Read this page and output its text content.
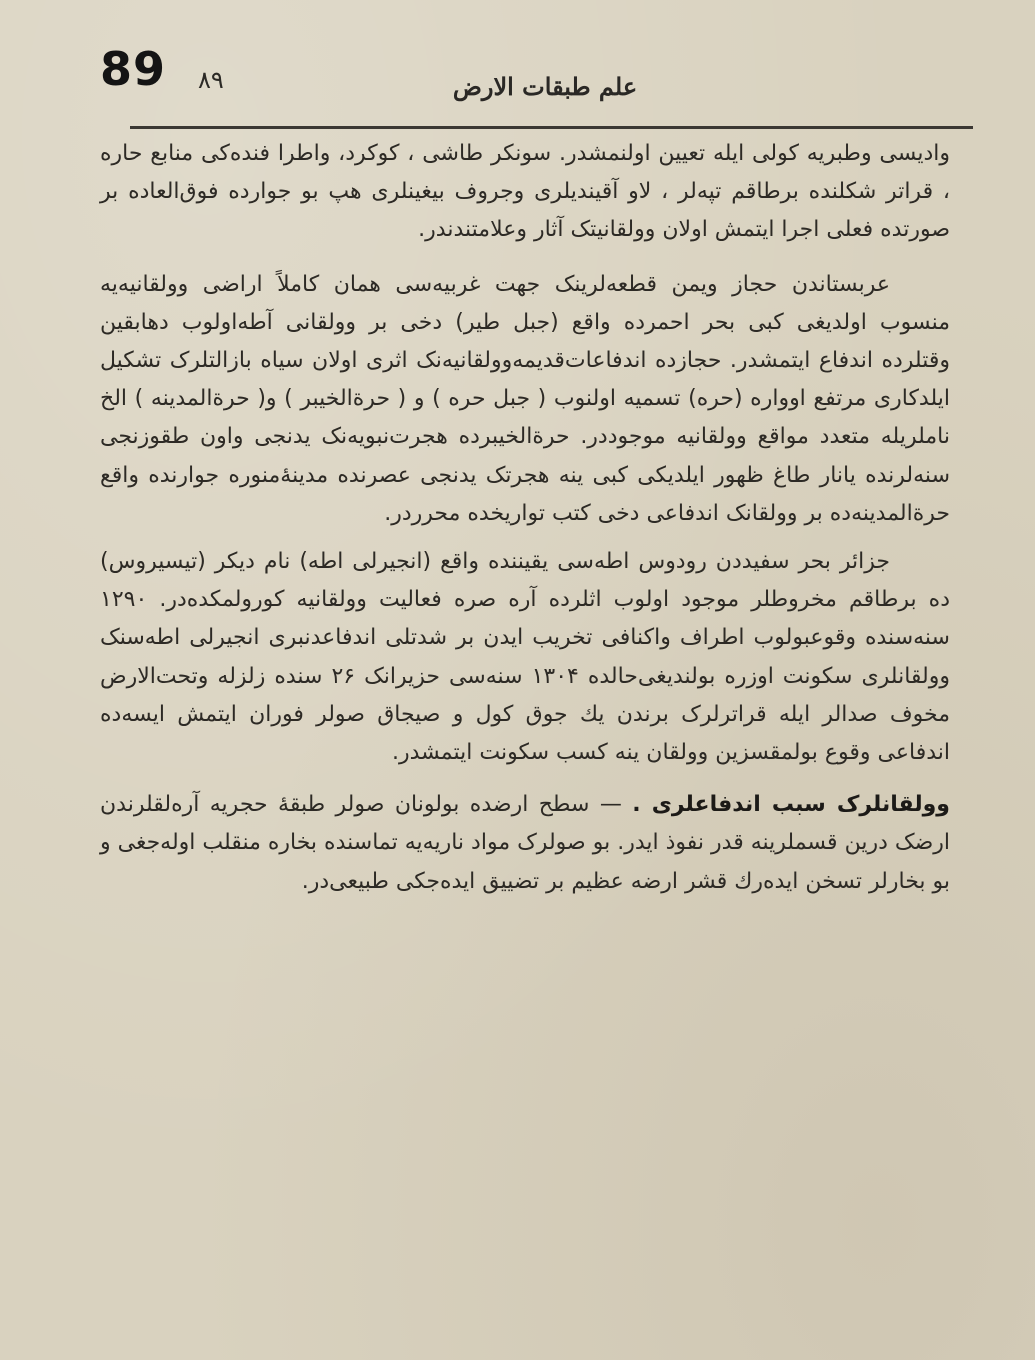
89 ٨٩	علم طبقات الارض

وادیسی وطبریه کولی ایله تعیین اولنمشدر. سونکر طاشی ، کوکرد، واطرا فنده‌کی منابع حاره ، قراتر شکلنده برطاقم تپه‌لر ، لاو آقینديلری وجروف بیغینلری هپ بو جوارده فوق‌العاده بر صورتده فعلی اجرا ایتمش اولان وولقانیتک آثار وعلامتندندر.

عربستاندن حجاز ویمن قطعه‌لرینک جهت غربیه‌سی همان کاملاً اراضی وولقانیه‌یه منسوب اولدیغی کبی بحر احمرده واقع (جبل طیر) دخی بر وولقانی آطه‌اولوب دهابقین وقتلرده اندفاع ایتمشدر. حجازده اندفاعات‌قدیمه‌وولقانیه‌نک اثری اولان سیاه بازالتلرک تشکیل ایلدکاری مرتفع اوواره (حره) تسمیه اولنوب ( جبل حره ) و ( حرة‌الخیبر ) و( حرة‌المدینه ) الخ ناملریله متعدد مواقع وولقانیه موجوددر. حرة‌الخیبرده هجرت‌نبویه‌نک یدنجی واون طقوزنجی سنه‌لرنده یانار طاغ ظهور ایلدیکی کبی ینه هجرتک یدنجی عصرنده مدینهٔ‌منوره جوارنده واقع حرة‌المدینه‌ده بر وولقانک اندفاعی دخی کتب تواریخده محرردر.

جزائر بحر سفیددن رودوس اطه‌سی یقیننده واقع (انجیرلی اطه) نام دیکر (تیسیروس) ده برطاقم مخروطلر موجود اولوب اثلرده آره صره فعالیت وولقانیه کورولمکده‌در. ۱۲۹۰ سنه‌سنده وقوعبولوب اطراف واکنافی تخریب ایدن بر شدتلی اندفاعدنبری انجیرلی اطه‌سنک وولقانلری سکونت اوزره بولندیغی‌حالده ۱۳۰۴ سنه‌سی حزیرانک ۲۶ سنده زلزله وتحت‌الارض مخوف صدالر ایله قراترلرک برندن یك جوق کول و صیجاق صولر فوران ایتمش ایسه‌ده اندفاعی وقوع بولمقسزین وولقان ینه کسب سکونت ایتمشدر.

وولقانلرک سبب اندفاعلری . — سطح ارضده بولونان صولر طبقهٔ حجریه آره‌لقلرندن ارضک درین قسملرینه قدر نفوذ ایدر. بو صولرک مواد ناریه‌یه تماسنده بخاره منقلب اوله‌جغی و بو بخارلر تسخن ایده‌رك قشر ارضه عظیم بر تضییق ایده‌جکی طبیعی‌در.
